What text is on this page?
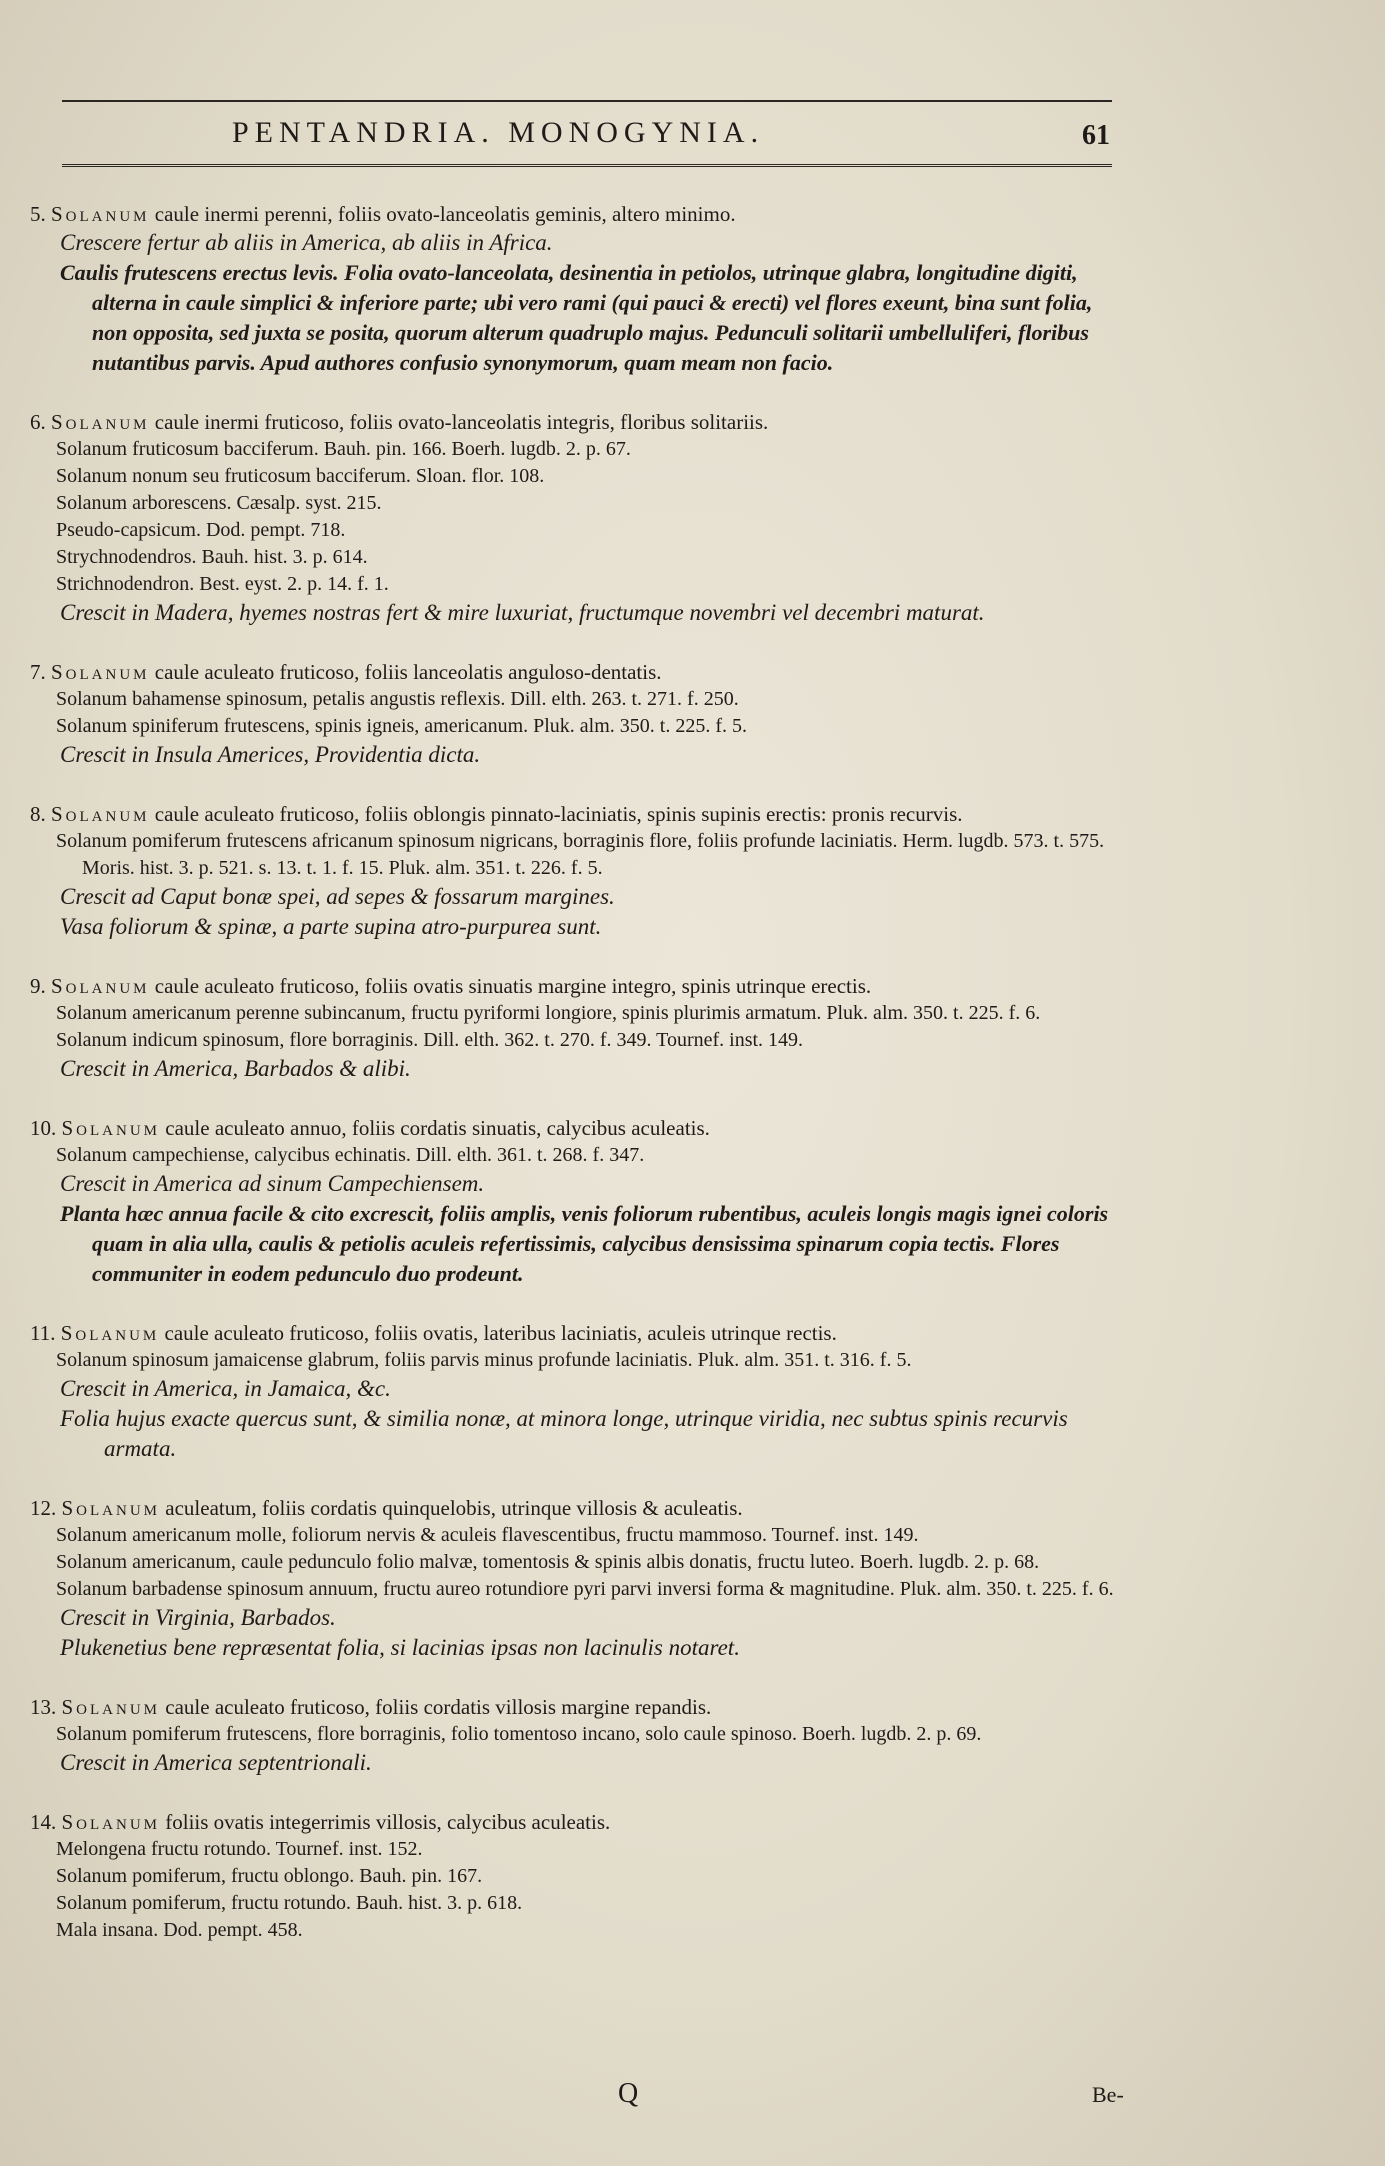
PENTANDRIA. MONOGYNIA.	61

5. Solanum caule inermi perenni, foliis ovato-lanceolatis geminis, altero minimo.

Crescere fertur ab aliis in America, ab aliis in Africa.

Caulis frutescens erectus levis. Folia ovato-lanceolata, desinentia in petiolos, utrinque glabra, longitudine digiti, alterna in caule simplici & inferiore parte; ubi vero rami (qui pauci & erecti) vel flores exeunt, bina sunt folia, non opposita, sed juxta se posita, quorum alterum quadruplo majus. Pedunculi solitarii umbelluliferi, floribus nutantibus parvis. Apud authores confusio synonymorum, quam meam non facio.

6. Solanum caule inermi fruticoso, foliis ovato-lanceolatis integris, floribus solitariis.

Solanum fruticosum bacciferum. Bauh. pin. 166. Boerh. lugdb. 2. p. 67.

Solanum nonum seu fruticosum bacciferum. Sloan. flor. 108.

Solanum arborescens. Cæsalp. syst. 215.

Pseudo-capsicum. Dod. pempt. 718.

Strychnodendros. Bauh. hist. 3. p. 614.

Strichnodendron. Best. eyst. 2. p. 14. f. 1.

Crescit in Madera, hyemes nostras fert & mire luxuriat, fructumque novembri vel decembri maturat.

7. Solanum caule aculeato fruticoso, foliis lanceolatis anguloso-dentatis.

Solanum bahamense spinosum, petalis angustis reflexis. Dill. elth. 263. t. 271. f. 250.

Solanum spiniferum frutescens, spinis igneis, americanum. Pluk. alm. 350. t. 225. f. 5.

Crescit in Insula Americes, Providentia dicta.

8. Solanum caule aculeato fruticoso, foliis oblongis pinnato-laciniatis, spinis supinis erectis: pronis recurvis.

Solanum pomiferum frutescens africanum spinosum nigricans, borraginis flore, foliis profunde laciniatis. Herm. lugdb. 573. t. 575. Moris. hist. 3. p. 521. s. 13. t. 1. f. 15. Pluk. alm. 351. t. 226. f. 5.

Crescit ad Caput bonæ spei, ad sepes & fossarum margines.

Vasa foliorum & spinæ, a parte supina atro-purpurea sunt.

9. Solanum caule aculeato fruticoso, foliis ovatis sinuatis margine integro, spinis utrinque erectis.

Solanum americanum perenne subincanum, fructu pyriformi longiore, spinis plurimis armatum. Pluk. alm. 350. t. 225. f. 6.

Solanum indicum spinosum, flore borraginis. Dill. elth. 362. t. 270. f. 349. Tournef. inst. 149.

Crescit in America, Barbados & alibi.

10. Solanum caule aculeato annuo, foliis cordatis sinuatis, calycibus aculeatis.

Solanum campechiense, calycibus echinatis. Dill. elth. 361. t. 268. f. 347.

Crescit in America ad sinum Campechiensem.

Planta hæc annua facile & cito excrescit, foliis amplis, venis foliorum rubentibus, aculeis longis magis ignei coloris quam in alia ulla, caulis & petiolis aculeis refertissimis, calycibus densissima spinarum copia tectis. Flores communiter in eodem pedunculo duo prodeunt.

11. Solanum caule aculeato fruticoso, foliis ovatis, lateribus laciniatis, aculeis utrinque rectis.

Solanum spinosum jamaicense glabrum, foliis parvis minus profunde laciniatis. Pluk. alm. 351. t. 316. f. 5.

Crescit in America, in Jamaica, &c.

Folia hujus exacte quercus sunt, & similia nonæ, at minora longe, utrinque viridia, nec subtus spinis recurvis armata.

12. Solanum aculeatum, foliis cordatis quinquelobis, utrinque villosis & aculeatis.

Solanum americanum molle, foliorum nervis & aculeis flavescentibus, fructu mammoso. Tournef. inst. 149.

Solanum americanum, caule pedunculo folio malvæ, tomentosis & spinis albis donatis, fructu luteo. Boerh. lugdb. 2. p. 68.

Solanum barbadense spinosum annuum, fructu aureo rotundiore pyri parvi inversi forma & magnitudine. Pluk. alm. 350. t. 225. f. 6.

Crescit in Virginia, Barbados.

Plukenetius bene repræsentat folia, si lacinias ipsas non lacinulis notaret.

13. Solanum caule aculeato fruticoso, foliis cordatis villosis margine repandis.

Solanum pomiferum frutescens, flore borraginis, folio tomentoso incano, solo caule spinoso. Boerh. lugdb. 2. p. 69.

Crescit in America septentrionali.

14. Solanum foliis ovatis integerrimis villosis, calycibus aculeatis.

Melongena fructu rotundo. Tournef. inst. 152.

Solanum pomiferum, fructu oblongo. Bauh. pin. 167.

Solanum pomiferum, fructu rotundo. Bauh. hist. 3. p. 618.

Mala insana. Dod. pempt. 458.

Q	Be-
